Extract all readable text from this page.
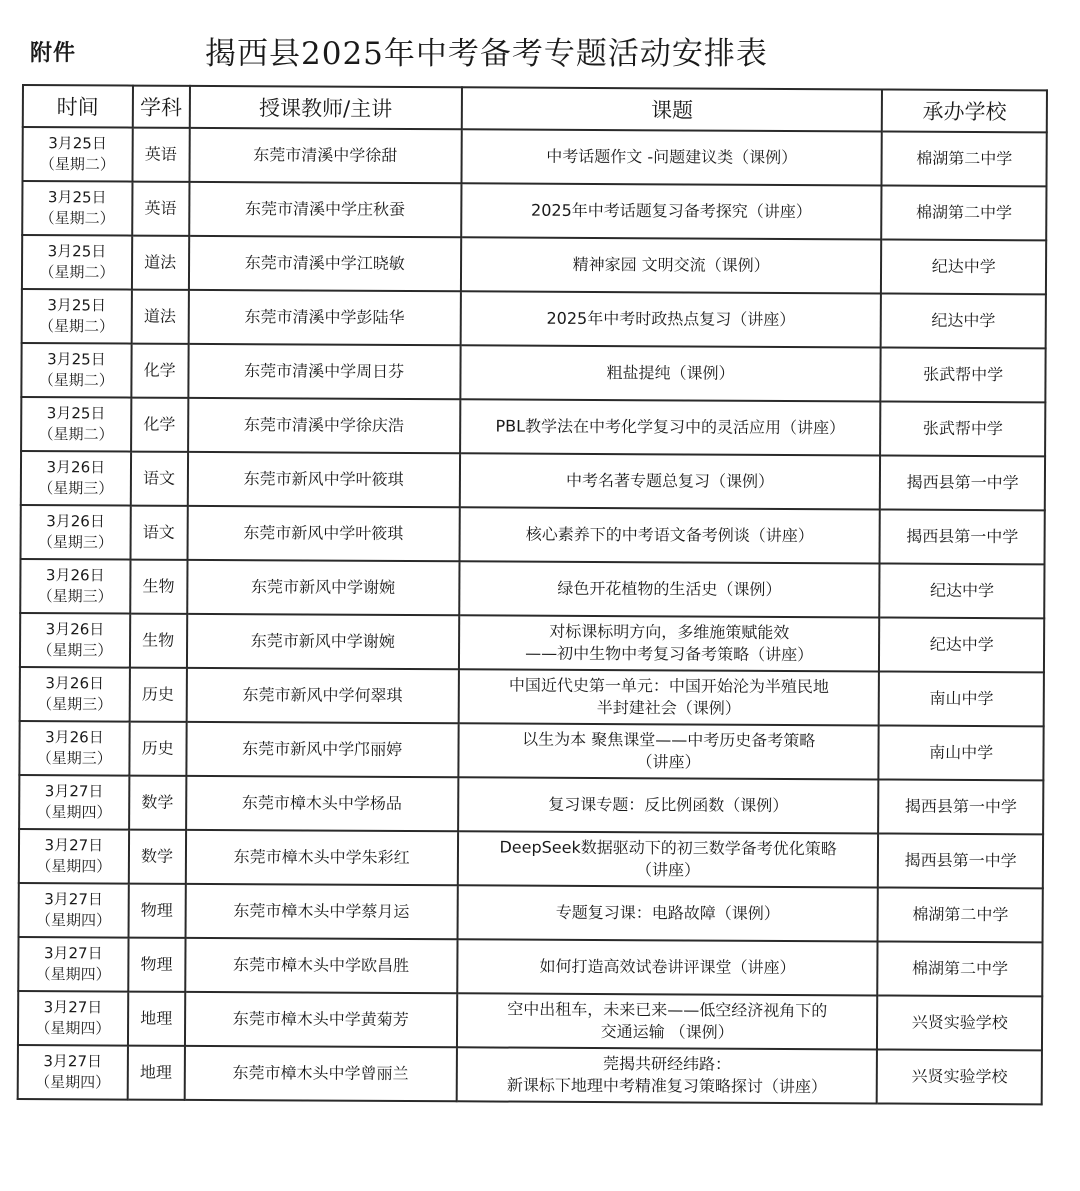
附件	揭西县2025年中考备考专题活动安排表
时间	学科	授课教师/主讲	课题	承办学校

3月25日
（星期二）	英语	东莞市清溪中学徐甜	中考话题作文 -问题建议类（课例）	棉湖第二中学

3月25日
（星期二）	英语	东莞市清溪中学庄秋蚕	2025年中考话题复习备考探究（讲座）	棉湖第二中学

3月25日
（星期二）	道法	东莞市清溪中学江晓敏	精神家园 文明交流（课例）	纪达中学

3月25日
（星期二）	道法	东莞市清溪中学彭陆华	2025年中考时政热点复习（讲座）	纪达中学

3月25日
（星期二）	化学	东莞市清溪中学周日芬	粗盐提纯（课例）	张武帮中学

3月25日
（星期二）	化学	东莞市清溪中学徐庆浩	PBL教学法在中考化学复习中的灵活应用（讲座）	张武帮中学

3月26日
（星期三）	语文	东莞市新风中学叶筱琪	中考名著专题总复习（课例）	揭西县第一中学

3月26日
（星期三）	语文	东莞市新风中学叶筱琪	核心素养下的中考语文备考例谈（讲座）	揭西县第一中学

3月26日
（星期三）	生物	东莞市新风中学谢婉	绿色开花植物的生活史（课例）	纪达中学

3月26日
（星期三）	生物	东莞市新风中学谢婉	对标课标明方向，多维施策赋能效
——初中生物中考复习备考策略（讲座）	纪达中学

3月26日
（星期三）	历史	东莞市新风中学何翠琪	中国近代史第一单元：中国开始沦为半殖民地
半封建社会（课例）	南山中学

3月26日
（星期三）	历史	东莞市新风中学邝丽婷	以生为本 聚焦课堂——中考历史备考策略
（讲座）	南山中学

3月27日
（星期四）	数学	东莞市樟木头中学杨品	复习课专题：反比例函数（课例）	揭西县第一中学

3月27日
（星期四）	数学	东莞市樟木头中学朱彩红	DeepSeek数据驱动下的初三数学备考优化策略
（讲座）	揭西县第一中学

3月27日
（星期四）	物理	东莞市樟木头中学蔡月运	专题复习课：电路故障（课例）	棉湖第二中学

3月27日
（星期四）	物理	东莞市樟木头中学欧昌胜	如何打造高效试卷讲评课堂（讲座）	棉湖第二中学

3月27日
（星期四）	地理	东莞市樟木头中学黄菊芳	空中出租车，未来已来——低空经济视角下的
交通运输 （课例）	兴贤实验学校

3月27日
（星期四）	地理	东莞市樟木头中学曾丽兰	莞揭共研经纬路：
新课标下地理中考精准复习策略探讨（讲座）	兴贤实验学校
